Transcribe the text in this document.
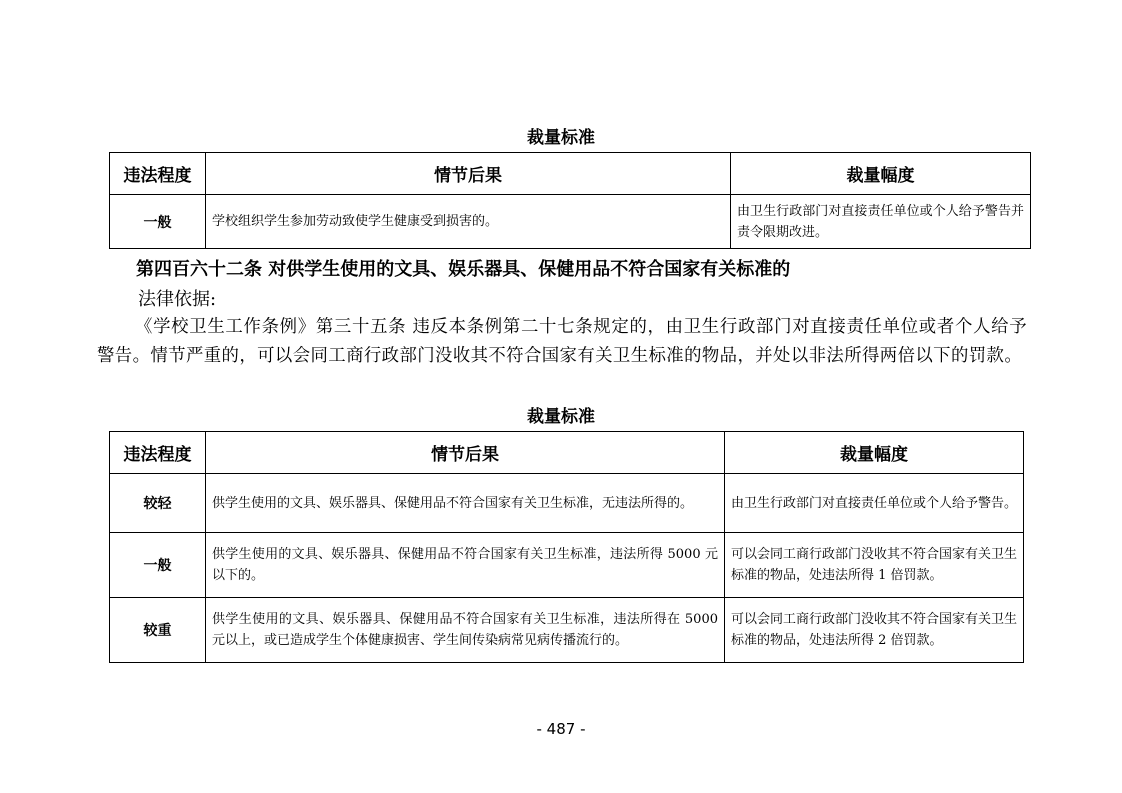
裁量标准
违法程度	情节后果	裁量幅度
一般	学校组织学生参加劳动致使学生健康受到损害的。	由卫生行政部门对直接责任单位或个人给予警告并责令限期改进。
第四百六十二条 对供学生使用的文具、娱乐器具、保健用品不符合国家有关标准的
法律依据:
《学校卫生工作条例》第三十五条 违反本条例第二十七条规定的，由卫生行政部门对直接责任单位或者个人给予警告。情节严重的，可以会同工商行政部门没收其不符合国家有关卫生标准的物品，并处以非法所得两倍以下的罚款。
裁量标准
违法程度	情节后果	裁量幅度
较轻	供学生使用的文具、娱乐器具、保健用品不符合国家有关卫生标准，无违法所得的。	由卫生行政部门对直接责任单位或个人给予警告。

一般	供学生使用的文具、娱乐器具、保健用品不符合国家有关卫生标准，违法所得 5000 元以下的。	可以会同工商行政部门没收其不符合国家有关卫生标准的物品，处违法所得 1 倍罚款。

较重	供学生使用的文具、娱乐器具、保健用品不符合国家有关卫生标准，违法所得在 5000 元以上，或已造成学生个体健康损害、学生间传染病常见病传播流行的。	可以会同工商行政部门没收其不符合国家有关卫生标准的物品，处违法所得 2 倍罚款。
- 487 -
